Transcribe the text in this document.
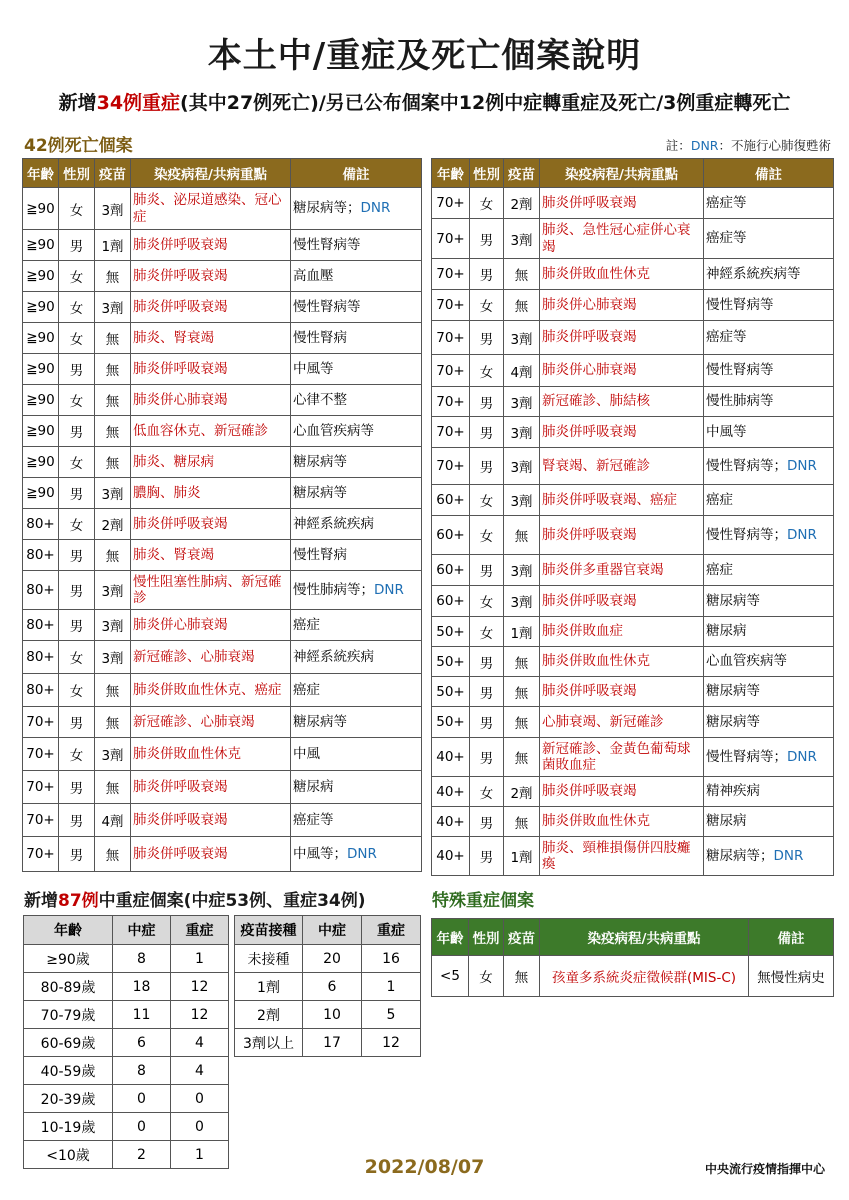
本土中/重症及死亡個案說明
新增34例重症(其中27例死亡)/另已公布個案中12例中症轉重症及死亡/3例重症轉死亡
42例死亡個案	註：DNR：不施行心肺復甦術
年齡	性別	疫苗	染疫病程/共病重點	備註
≧90	女	3劑	肺炎、泌尿道感染、冠心症	糖尿病等；DNR
≧90	男	1劑	肺炎併呼吸衰竭	慢性腎病等
≧90	女	無	肺炎併呼吸衰竭	高血壓
≧90	女	3劑	肺炎併呼吸衰竭	慢性腎病等
≧90	女	無	肺炎、腎衰竭	慢性腎病
≧90	男	無	肺炎併呼吸衰竭	中風等
≧90	女	無	肺炎併心肺衰竭	心律不整
≧90	男	無	低血容休克、新冠確診	心血管疾病等
≧90	女	無	肺炎、糖尿病	糖尿病等
≧90	男	3劑	膿胸、肺炎	糖尿病等
80+	女	2劑	肺炎併呼吸衰竭	神經系統疾病
80+	男	無	肺炎、腎衰竭	慢性腎病
80+	男	3劑	慢性阻塞性肺病、新冠確診	慢性肺病等；DNR
80+	男	3劑	肺炎併心肺衰竭	癌症
80+	女	3劑	新冠確診、心肺衰竭	神經系統疾病
80+	女	無	肺炎併敗血性休克、癌症	癌症
70+	男	無	新冠確診、心肺衰竭	糖尿病等
70+	女	3劑	肺炎併敗血性休克	中風
70+	男	無	肺炎併呼吸衰竭	糖尿病
70+	男	4劑	肺炎併呼吸衰竭	癌症等
70+	男	無	肺炎併呼吸衰竭	中風等；DNR
年齡	性別	疫苗	染疫病程/共病重點	備註
70+	女	2劑	肺炎併呼吸衰竭	癌症等
70+	男	3劑	肺炎、急性冠心症併心衰竭	癌症等
70+	男	無	肺炎併敗血性休克	神經系統疾病等
70+	女	無	肺炎併心肺衰竭	慢性腎病等
70+	男	3劑	肺炎併呼吸衰竭	癌症等
70+	女	4劑	肺炎併心肺衰竭	慢性腎病等
70+	男	3劑	新冠確診、肺結核	慢性肺病等
70+	男	3劑	肺炎併呼吸衰竭	中風等
70+	男	3劑	腎衰竭、新冠確診	慢性腎病等；DNR
60+	女	3劑	肺炎併呼吸衰竭、癌症	癌症
60+	女	無	肺炎併呼吸衰竭	慢性腎病等；DNR
60+	男	3劑	肺炎併多重器官衰竭	癌症
60+	女	3劑	肺炎併呼吸衰竭	糖尿病等
50+	女	1劑	肺炎併敗血症	糖尿病
50+	男	無	肺炎併敗血性休克	心血管疾病等
50+	男	無	肺炎併呼吸衰竭	糖尿病等
50+	男	無	心肺衰竭、新冠確診	糖尿病等
40+	男	無	新冠確診、金黃色葡萄球菌敗血症	慢性腎病等；DNR
40+	女	2劑	肺炎併呼吸衰竭	精神疾病
40+	男	無	肺炎併敗血性休克	糖尿病
40+	男	1劑	肺炎、頸椎損傷併四肢癱瘓	糖尿病等；DNR
新增87例中重症個案(中症53例、重症34例)	特殊重症個案
年齡	中症	重症
≥90歲	8	1
80-89歲	18	12
70-79歲	11	12
60-69歲	6	4
40-59歲	8	4
20-39歲	0	0
10-19歲	0	0
<10歲	2	1
疫苗接種	中症	重症
未接種	20	16
1劑	6	1
2劑	10	5
3劑以上	17	12
年齡	性別	疫苗	染疫病程/共病重點	備註
<5	女	無	孩童多系統炎症徵候群(MIS-C)	無慢性病史
2022/08/07	中央流行疫情指揮中心
